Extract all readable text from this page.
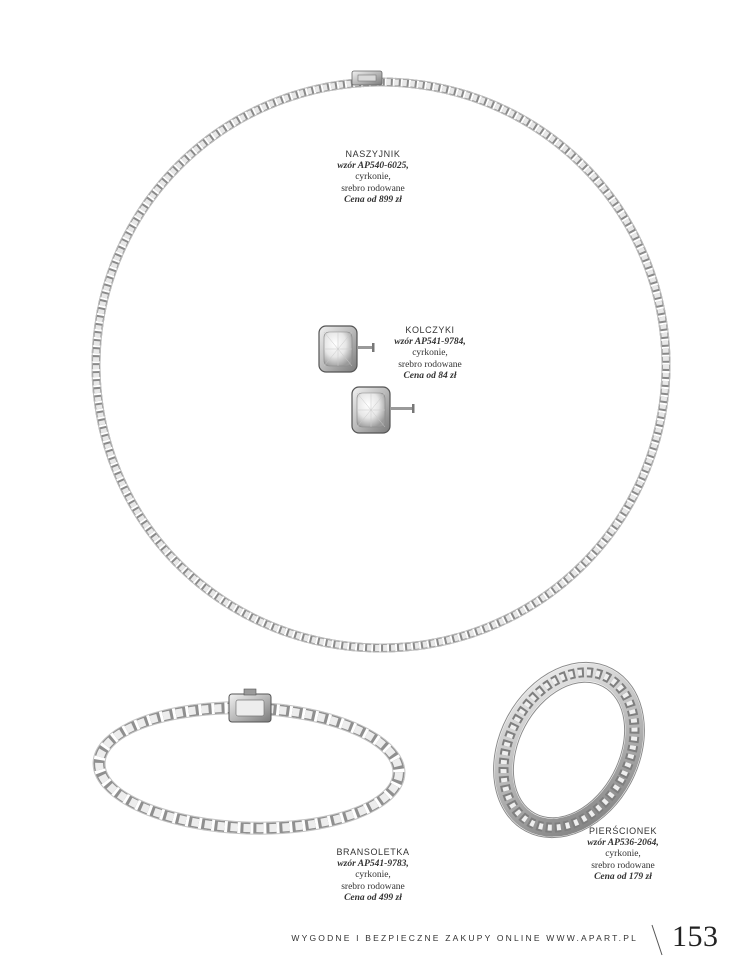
NASZYJNIK
wzór AP540-6025,
cyrkonie,
srebro rodowane
Cena od 899 zł
KOLCZYKI
wzór AP541-9784,
cyrkonie,
srebro rodowane
Cena od 84 zł
BRANSOLETKA
wzór AP541-9783,
cyrkonie,
srebro rodowane
Cena od 499 zł
PIERŚCIONEK
wzór AP536-2064,
cyrkonie,
srebro rodowane
Cena od 179 zł
WYGODNE I BEZPIECZNE ZAKUPY ONLINE WWW.APART.PL 153
